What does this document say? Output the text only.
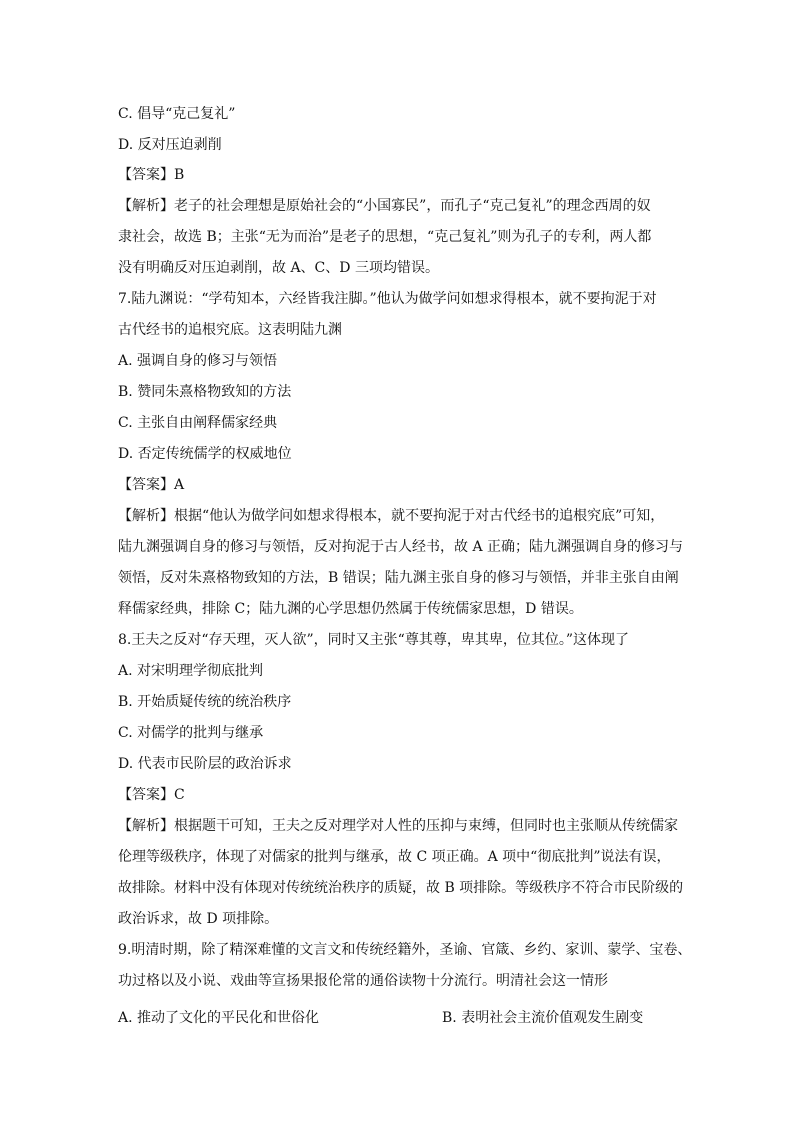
C. 倡导“克己复礼”
D. 反对压迫剥削
【答案】B
【解析】老子的社会理想是原始社会的“小国寡民”，而孔子“克己复礼”的理念西周的奴
隶社会，故选 B；主张“无为而治”是老子的思想，“克己复礼”则为孔子的专利，两人都
没有明确反对压迫剥削，故 A、C、D 三项均错误。
7.陆九渊说：“学苟知本，六经皆我注脚。”他认为做学问如想求得根本，就不要拘泥于对
古代经书的追根究底。这表明陆九渊
A. 强调自身的修习与领悟
B. 赞同朱熹格物致知的方法
C. 主张自由阐释儒家经典
D. 否定传统儒学的权威地位
【答案】A
【解析】根据“他认为做学问如想求得根本，就不要拘泥于对古代经书的追根究底”可知，
陆九渊强调自身的修习与领悟，反对拘泥于古人经书，故 A 正确；陆九渊强调自身的修习与
领悟，反对朱熹格物致知的方法，B 错误；陆九渊主张自身的修习与领悟，并非主张自由阐
释儒家经典，排除 C；陆九渊的心学思想仍然属于传统儒家思想，D 错误。
8.王夫之反对“存天理，灭人欲”，同时又主张“尊其尊，卑其卑，位其位。”这体现了
A. 对宋明理学彻底批判
B. 开始质疑传统的统治秩序
C. 对儒学的批判与继承
D. 代表市民阶层的政治诉求
【答案】C
【解析】根据题干可知，王夫之反对理学对人性的压抑与束缚，但同时也主张顺从传统儒家
伦理等级秩序，体现了对儒家的批判与继承，故 C 项正确。A 项中“彻底批判”说法有误，
故排除。材料中没有体现对传统统治秩序的质疑，故 B 项排除。等级秩序不符合市民阶级的
政治诉求，故 D 项排除。
9.明清时期，除了精深难懂的文言文和传统经籍外，圣谕、官箴、乡约、家训、蒙学、宝卷、
功过格以及小说、戏曲等宣扬果报伦常的通俗读物十分流行。明清社会这一情形
A. 推动了文化的平民化和世俗化	B. 表明社会主流价值观发生剧变
